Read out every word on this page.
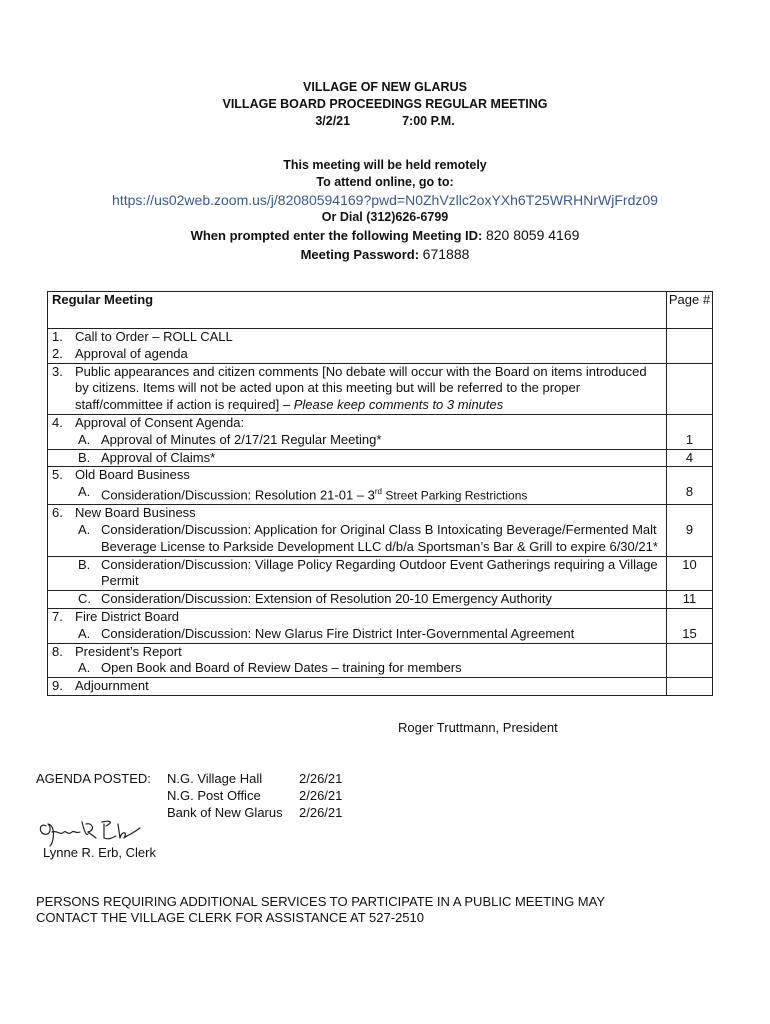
VILLAGE OF NEW GLARUS
VILLAGE BOARD PROCEEDINGS REGULAR MEETING
3/2/21	7:00 P.M.
This meeting will be held remotely
To attend online, go to:
https://us02web.zoom.us/j/82080594169?pwd=N0ZhVzllc2oxYXh6T25WRHNrWjFrdz09
Or Dial (312)626-6799
When prompted enter the following Meeting ID: 820 8059 4169
Meeting Password: 671888
Regular Meeting	Page #

1. Call to Order – ROLL CALL
2. Approval of agenda	

3. Public appearances and citizen comments [No debate will occur with the Board on items introduced by citizens. Items will not be acted upon at this meeting but will be referred to the proper staff/committee if action is required] – Please keep comments to 3 minutes	

4. Approval of Consent Agenda:
A. Approval of Minutes of 2/17/21 Regular Meeting*	1

B. Approval of Claims*	4

5. Old Board Business
A. Consideration/Discussion: Resolution 21-01 – 3rd Street Parking Restrictions	8

6. New Board Business
A. Consideration/Discussion: Application for Original Class B Intoxicating Beverage/Fermented Malt Beverage License to Parkside Development LLC d/b/a Sportsman’s Bar & Grill to expire 6/30/21*	9

B. Consideration/Discussion: Village Policy Regarding Outdoor Event Gatherings requiring a Village Permit	10

C. Consideration/Discussion: Extension of Resolution 20-10 Emergency Authority	11

7. Fire District Board
A. Consideration/Discussion: New Glarus Fire District Inter-Governmental Agreement	15

8. President’s Report
A. Open Book and Board of Review Dates – training for members	

9. Adjournment	

Roger Truttmann, President
AGENDA POSTED:	N.G. Village Hall	2/26/21
N.G. Post Office	2/26/21
Bank of New Glarus	2/26/21
Lynne R. Erb, Clerk
PERSONS REQUIRING ADDITIONAL SERVICES TO PARTICIPATE IN A PUBLIC MEETING MAY
CONTACT THE VILLAGE CLERK FOR ASSISTANCE AT 527-2510
